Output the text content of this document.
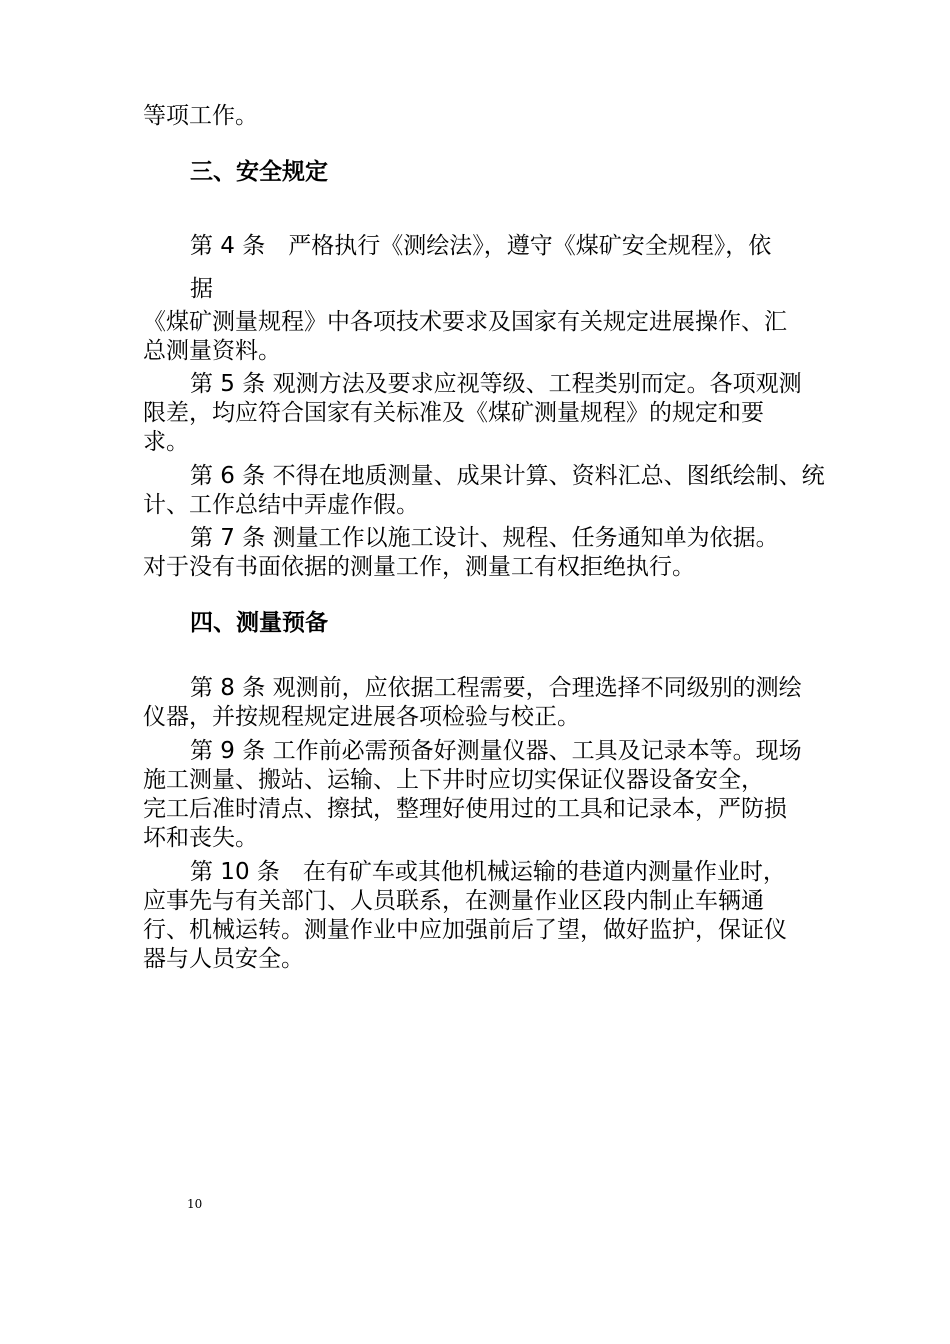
等项工作。

三、安全规定

第 4 条　严格执行《测绘法》，遵守《煤矿安全规程》，依

据

《煤矿测量规程》中各项技术要求及国家有关规定进展操作、汇

总测量资料。

第 5 条 观测方法及要求应视等级、工程类别而定。各项观测

限差，均应符合国家有关标准及《煤矿测量规程》的规定和要

求。

第 6 条 不得在地质测量、成果计算、资料汇总、图纸绘制、统

计、工作总结中弄虚作假。

第 7 条 测量工作以施工设计、规程、任务通知单为依据。

对于没有书面依据的测量工作，测量工有权拒绝执行。

四、测量预备

第 8 条 观测前，应依据工程需要，合理选择不同级别的测绘

仪器，并按规程规定进展各项检验与校正。

第 9 条 工作前必需预备好测量仪器、工具及记录本等。现场

施工测量、搬站、运输、上下井时应切实保证仪器设备安全，

完工后准时清点、擦拭，整理好使用过的工具和记录本，严防损

坏和丧失。

第 10 条　在有矿车或其他机械运输的巷道内测量作业时，

应事先与有关部门、人员联系，在测量作业区段内制止车辆通

行、机械运转。测量作业中应加强前后了望，做好监护，保证仪

器与人员安全。

10
